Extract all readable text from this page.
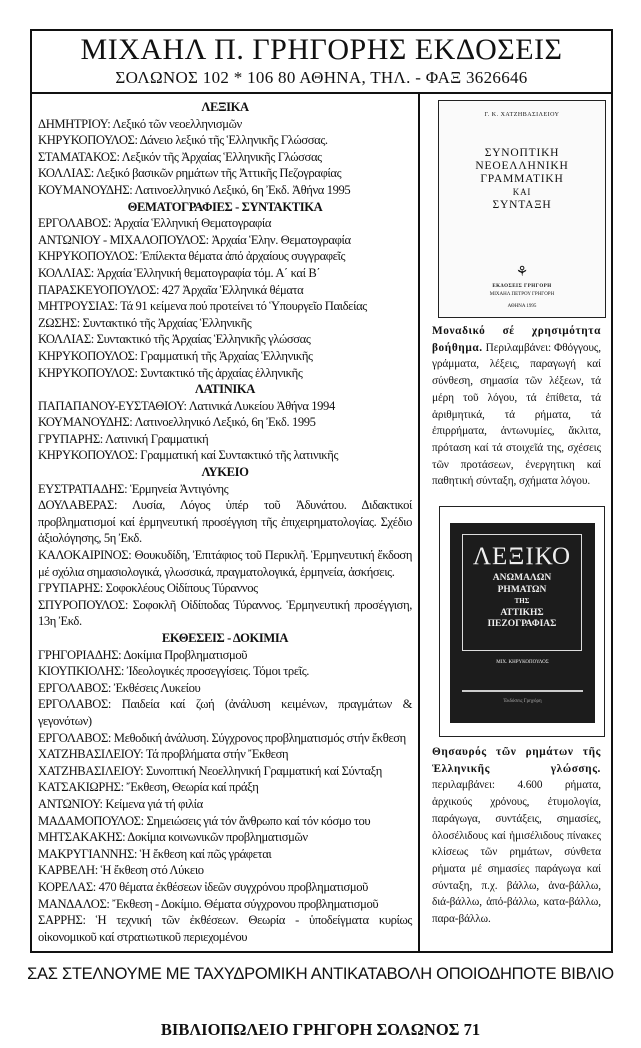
ΜΙΧΑΗΛ Π. ΓΡΗΓΟΡΗΣ ΕΚΔΟΣΕΙΣ
ΣΟΛΩΝΟΣ 102 * 106 80 ΑΘΗΝΑ, ΤΗΛ. - ΦΑΞ 3626646
ΛΕΞΙΚΑ
ΔΗΜΗΤΡΙΟΥ: Λεξικό τῶν νεοελληνισμῶν
ΚΗΡΥΚΟΠΟΥΛΟΣ: Δάνειο λεξικό τῆς Ἑλληνικῆς Γλώσσας.
ΣΤΑΜΑΤΑΚΟΣ: Λεξικόν τῆς Ἀρχαίας Ἑλληνικῆς Γλώσσας
ΚΟΛΛΙΑΣ: Λεξικό βασικῶν ρημάτων τῆς Ἀττικῆς Πεζογραφίας
ΚΟΥΜΑΝΟΥΔΗΣ: Λατινοελληνικό Λεξικό, 6η Ἐκδ. Ἀθήνα 1995
ΘΕΜΑΤΟΓΡΑΦΙΕΣ - ΣΥΝΤΑΚΤΙΚΑ
ΕΡΓΟΛΑΒΟΣ: Ἀρχαία Ἑλληνική Θεματογραφία
ΑΝΤΩΝΙΟΥ - ΜΙΧΑΛΟΠΟΥΛΟΣ: Ἀρχαία Ἑλην. Θεματογραφία
ΚΗΡΥΚΟΠΟΥΛΟΣ: Ἐπίλεκτα θέματα ἀπό ἀρχαίους συγγραφεῖς
ΚΟΛΛΙΑΣ: Ἀρχαία Ἑλληνική θεματογραφία τόμ. Α΄ καί Β΄
ΠΑΡΑΣΚΕΥΟΠΟΥΛΟΣ: 427 Ἀρχαῖα Ἑλληνικά θέματα
ΜΗΤΡΟΥΣΙΑΣ: Τά 91 κείμενα πού προτείνει τό Ὑπουργεῖο Παιδείας
ΖΩΣΗΣ: Συντακτικό τῆς Ἀρχαίας Ἑλληνικῆς
ΚΟΛΛΙΑΣ: Συντακτικό τῆς Ἀρχαίας Ἑλληνικῆς γλώσσας
ΚΗΡΥΚΟΠΟΥΛΟΣ: Γραμματική τῆς Ἀρχαίας Ἑλληνικῆς
ΚΗΡΥΚΟΠΟΥΛΟΣ: Συντακτικό τῆς ἀρχαίας ἑλληνικῆς
ΛΑΤΙΝΙΚΑ
ΠΑΠΑΠΑΝΟΥ-ΕΥΣΤΑΘΙΟΥ: Λατινικά Λυκείου Ἀθήνα 1994
ΚΟΥΜΑΝΟΥΔΗΣ: Λατινοελληνικό Λεξικό, 6η Ἐκδ. 1995
ΓΡΥΠΑΡΗΣ: Λατινική Γραμματική
ΚΗΡΥΚΟΠΟΥΛΟΣ: Γραμματική καί Συντακτικό τῆς λατινικῆς
ΛΥΚΕΙΟ
ΕΥΣΤΡΑΤΙΑΔΗΣ: Ἑρμηνεία Ἀντιγόνης
ΔΟΥΛΑΒΕΡΑΣ: Λυσία, Λόγος ὑπέρ τοῦ Ἀδυνάτου. Διδακτικοί προβληματισμοί καί ἑρμηνευτική προσέγγιση τῆς ἐπιχειρηματολογίας. Σχέδιο ἀξιολόγησης, 5η Ἐκδ.
ΚΑΛΟΚΑΙΡΙΝΟΣ: Θουκυδίδη, Ἐπιτάφιος τοῦ Περικλῆ. Ἑρμηνευτική ἔκδοση μέ σχόλια σημασιολογικά, γλωσσικά, πραγματολογικά, ἑρμηνεία, ἀσκήσεις.
ΓΡΥΠΑΡΗΣ: Σοφοκλέους Οἰδίπους Τύραννος
ΣΠΥΡΟΠΟΥΛΟΣ: Σοφοκλῆ Οἰδίποδας Τύραννος. Ἑρμηνευτική προσέγγιση, 13η Ἐκδ.
ΕΚΘΕΣΕΙΣ - ΔΟΚΙΜΙΑ
ΓΡΗΓΟΡΙΑΔΗΣ: Δοκίμια Προβληματισμοῦ
ΚΙΟΥΠΚΙΟΛΗΣ: Ἰδεολογικές προσεγγίσεις. Τόμοι τρεῖς.
ΕΡΓΟΛΑΒΟΣ: Ἐκθέσεις Λυκείου
ΕΡΓΟΛΑΒΟΣ: Παιδεία καί ζωή (ἀνάλυση κειμένων, πραγμάτων & γεγονότων)
ΕΡΓΟΛΑΒΟΣ: Μεθοδική ἀνάλυση. Σύγχρονος προβληματισμός στήν ἔκθεση
ΧΑΤΖΗΒΑΣΙΛΕΙΟΥ: Τά προβλήματα στήν Ἔκθεση
ΧΑΤΖΗΒΑΣΙΛΕΙΟΥ: Συνοπτική Νεοελληνική Γραμματική καί Σύνταξη
ΚΑΤΣΑΚΙΩΡΗΣ: Ἔκθεση, Θεωρία καί πράξη
ΑΝΤΩΝΙΟΥ: Κείμενα γιά τή φιλία
ΜΑΔΑΜΟΠΟΥΛΟΣ: Σημειώσεις γιά τόν ἄνθρωπο καί τόν κόσμο του
ΜΗΤΣΑΚΑΚΗΣ: Δοκίμια κοινωνικῶν προβληματισμῶν
ΜΑΚΡΥΓΙΑΝΝΗΣ: Ἡ ἔκθεση καί πῶς γράφεται
ΚΑΡΒΕΛΗ: Ἡ ἔκθεση στό Λύκειο
ΚΟΡΕΛΑΣ: 470 θέματα ἐκθέσεων ἰδεῶν συγχρόνου προβληματισμοῦ
ΜΑΝΔΑΛΟΣ: Ἔκθεση - Δοκίμιο. Θέματα σύγχρονου προβληματισμοῦ
ΣΑΡΡΗΣ: Ἡ τεχνική τῶν ἐκθέσεων. Θεωρία - ὑποδείγματα κυρίως οἰκονομικοῦ καί στρατιωτικοῦ περιεχομένου
Γ. Κ. ΧΑΤΖΗΒΑΣΙΛΕΙΟΥ
ΣΥΝΟΠΤΙΚΗ
ΝΕΟΕΛΛΗΝΙΚΗ
ΓΡΑΜΜΑΤΙΚΗ
ΚΑΙ
ΣΥΝΤΑΞΗ
⚘
ΕΚΔΟΣΕΙΣ ΓΡΗΓΟΡΗ
ΜΙΧΑΗΛ ΠΕΤΡΟΥ ΓΡΗΓΟΡΗ
ΑΘΗΝΑ 1995
Μοναδικό σέ χρησιμότητα βοήθημα. Περιλαμβάνει: Φθόγγους, γράμματα, λέξεις, παραγωγή καί σύνθεση, σημασία τῶν λέξεων, τά μέρη τοῦ λόγου, τά ἐπίθετα, τά ἀριθμητικά, τά ρήματα, τά ἐπιρρήματα, ἀντωνυμίες, ἄκλιτα, πρόταση καί τά στοιχεῖά της, σχέσεις τῶν προτάσεων, ἐνεργητικη καί παθητική σύνταξη, σχήματα λόγου.
ΛΕΞΙΚΟ
ΑΝΩΜΑΛΩΝ
ΡΗΜΑΤΩΝ
ΤΗΣ
ΑΤΤΙΚΗΣ
ΠΕΖΟΓΡΑΦΙΑΣ
ΜΙΧ. ΚΗΡΥΚΟΠΟΥΛΟΣ
Ἐκδόσεις Γρηγόρη
Θησαυρός τῶν ρημάτων τῆς Ἑλληνικῆς γλώσσης. περιλαμβάνει: 4.600 ρήματα, ἀρχικούς χρόνους, ἐτυμολογία, παράγωγα, συντάξεις, σημασίες, ὁλοσέλιδους καί ἡμισέλιδους πίνακες κλίσεως τῶν ρημάτων, σύνθετα ρήματα μέ σημασίες παράγωγα καί σύνταξη, π.χ. βάλλω, ἀνα-βάλλω, διά-βάλλω, ἀπό-βάλλω, κατα-βάλλω, παρα-βάλλω.
ΣΑΣ ΣΤΕΛΝΟΥΜΕ ΜΕ ΤΑΧΥΔΡΟΜΙΚΗ ΑΝΤΙΚΑΤΑΒΟΛΗ ΟΠΟΙΟΔΗΠΟΤΕ ΒΙΒΛΙΟ
ΒΙΒΛΙΟΠΩΛΕΙΟ ΓΡΗΓΟΡΗ ΣΟΛΩΝΟΣ 71
